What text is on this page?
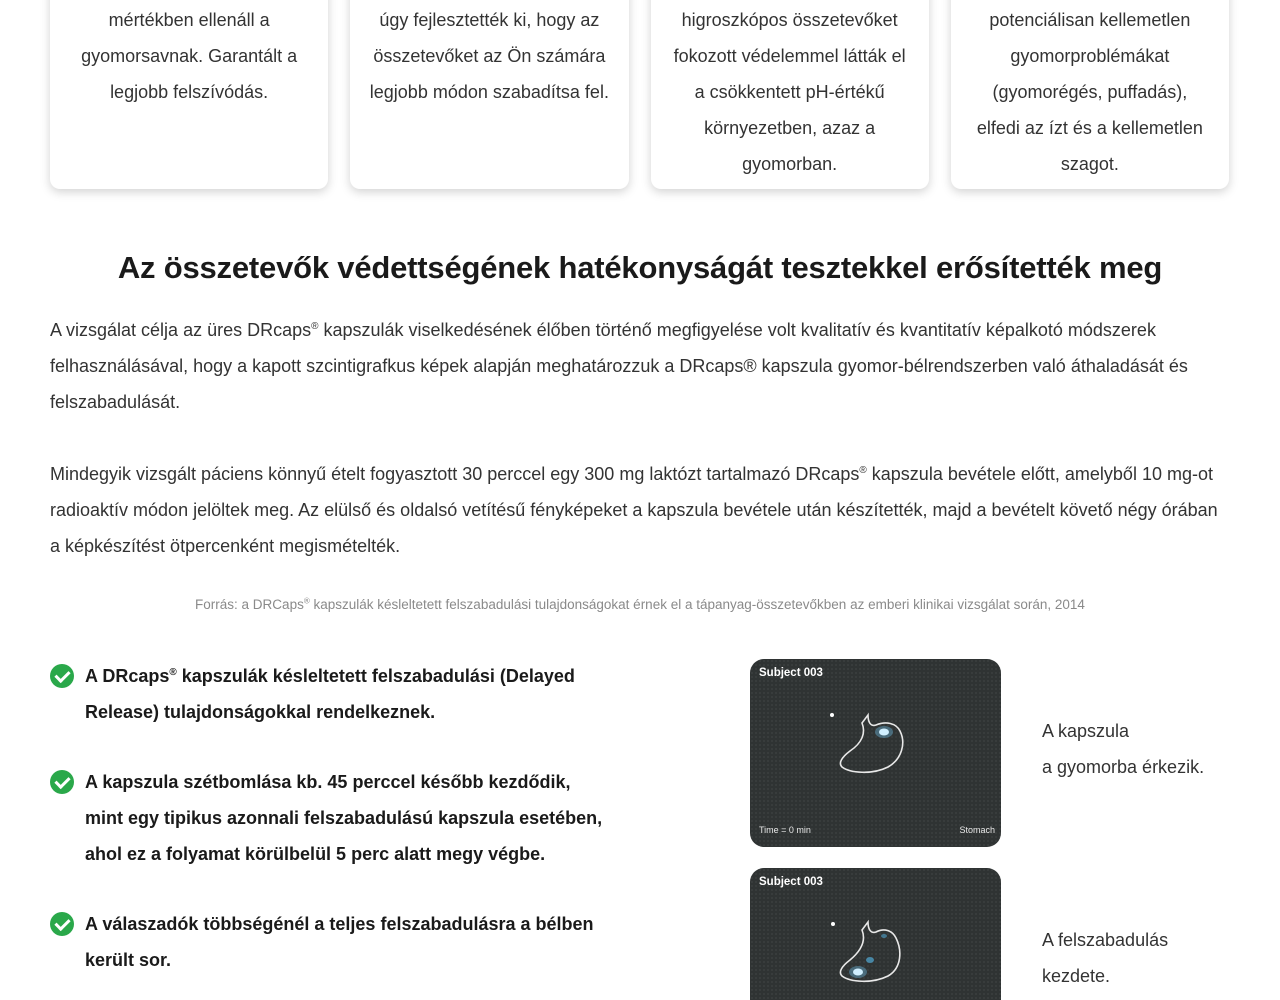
mértékben ellenáll a gyomorsavnak. Garantált a legjobb felszívódás.

úgy fejlesztették ki, hogy az összetevőket az Ön számára legjobb módon szabadítsa fel.

higroszkópos összetevőket fokozott védelemmel látták el a csökkentett pH-értékű környezetben, azaz a gyomorban.

potenciálisan kellemetlen gyomorproblémákat (gyomorégés, puffadás), elfedi az ízt és a kellemetlen szagot.

Az összetevők védettségének hatékonyságát tesztekkel erősítették meg

A vizsgálat célja az üres DRcaps® kapszulák viselkedésének élőben történő megfigyelése volt kvalitatív és kvantitatív képalkotó módszerek felhasználásával, hogy a kapott szcintigrafkus képek alapján meghatározzuk a DRcaps® kapszula gyomor-bélrendszerben való áthaladását és felszabadulását.

Mindegyik vizsgált páciens könnyű ételt fogyasztott 30 perccel egy 300 mg laktózt tartalmazó DRcaps® kapszula bevétele előtt, amelyből 10 mg-ot radioaktív módon jelöltek meg. Az elülső és oldalsó vetítésű fényképeket a kapszula bevétele után készítették, majd a bevételt követő négy órában a képkészítést ötpercenként megismételték.

Forrás: a DRCaps® kapszulák késleltetett felszabadulási tulajdonságokat érnek el a tápanyag-összetevőkben az emberi klinikai vizsgálat során, 2014

A DRcaps® kapszulák késleltetett felszabadulási (Delayed Release) tulajdonságokkal rendelkeznek.
A kapszula szétbomlása kb. 45 perccel később kezdődik, mint egy tipikus azonnali felszabadulású kapszula esetében, ahol ez a folyamat körülbelül 5 perc alatt megy végbe.
A válaszadók többségénél a teljes felszabadulásra a bélben került sor.
Subject 003
Time = 0 min	Stomach
A kapszula
a gyomorba érkezik.
Subject 003
A felszabadulás
kezdete.
